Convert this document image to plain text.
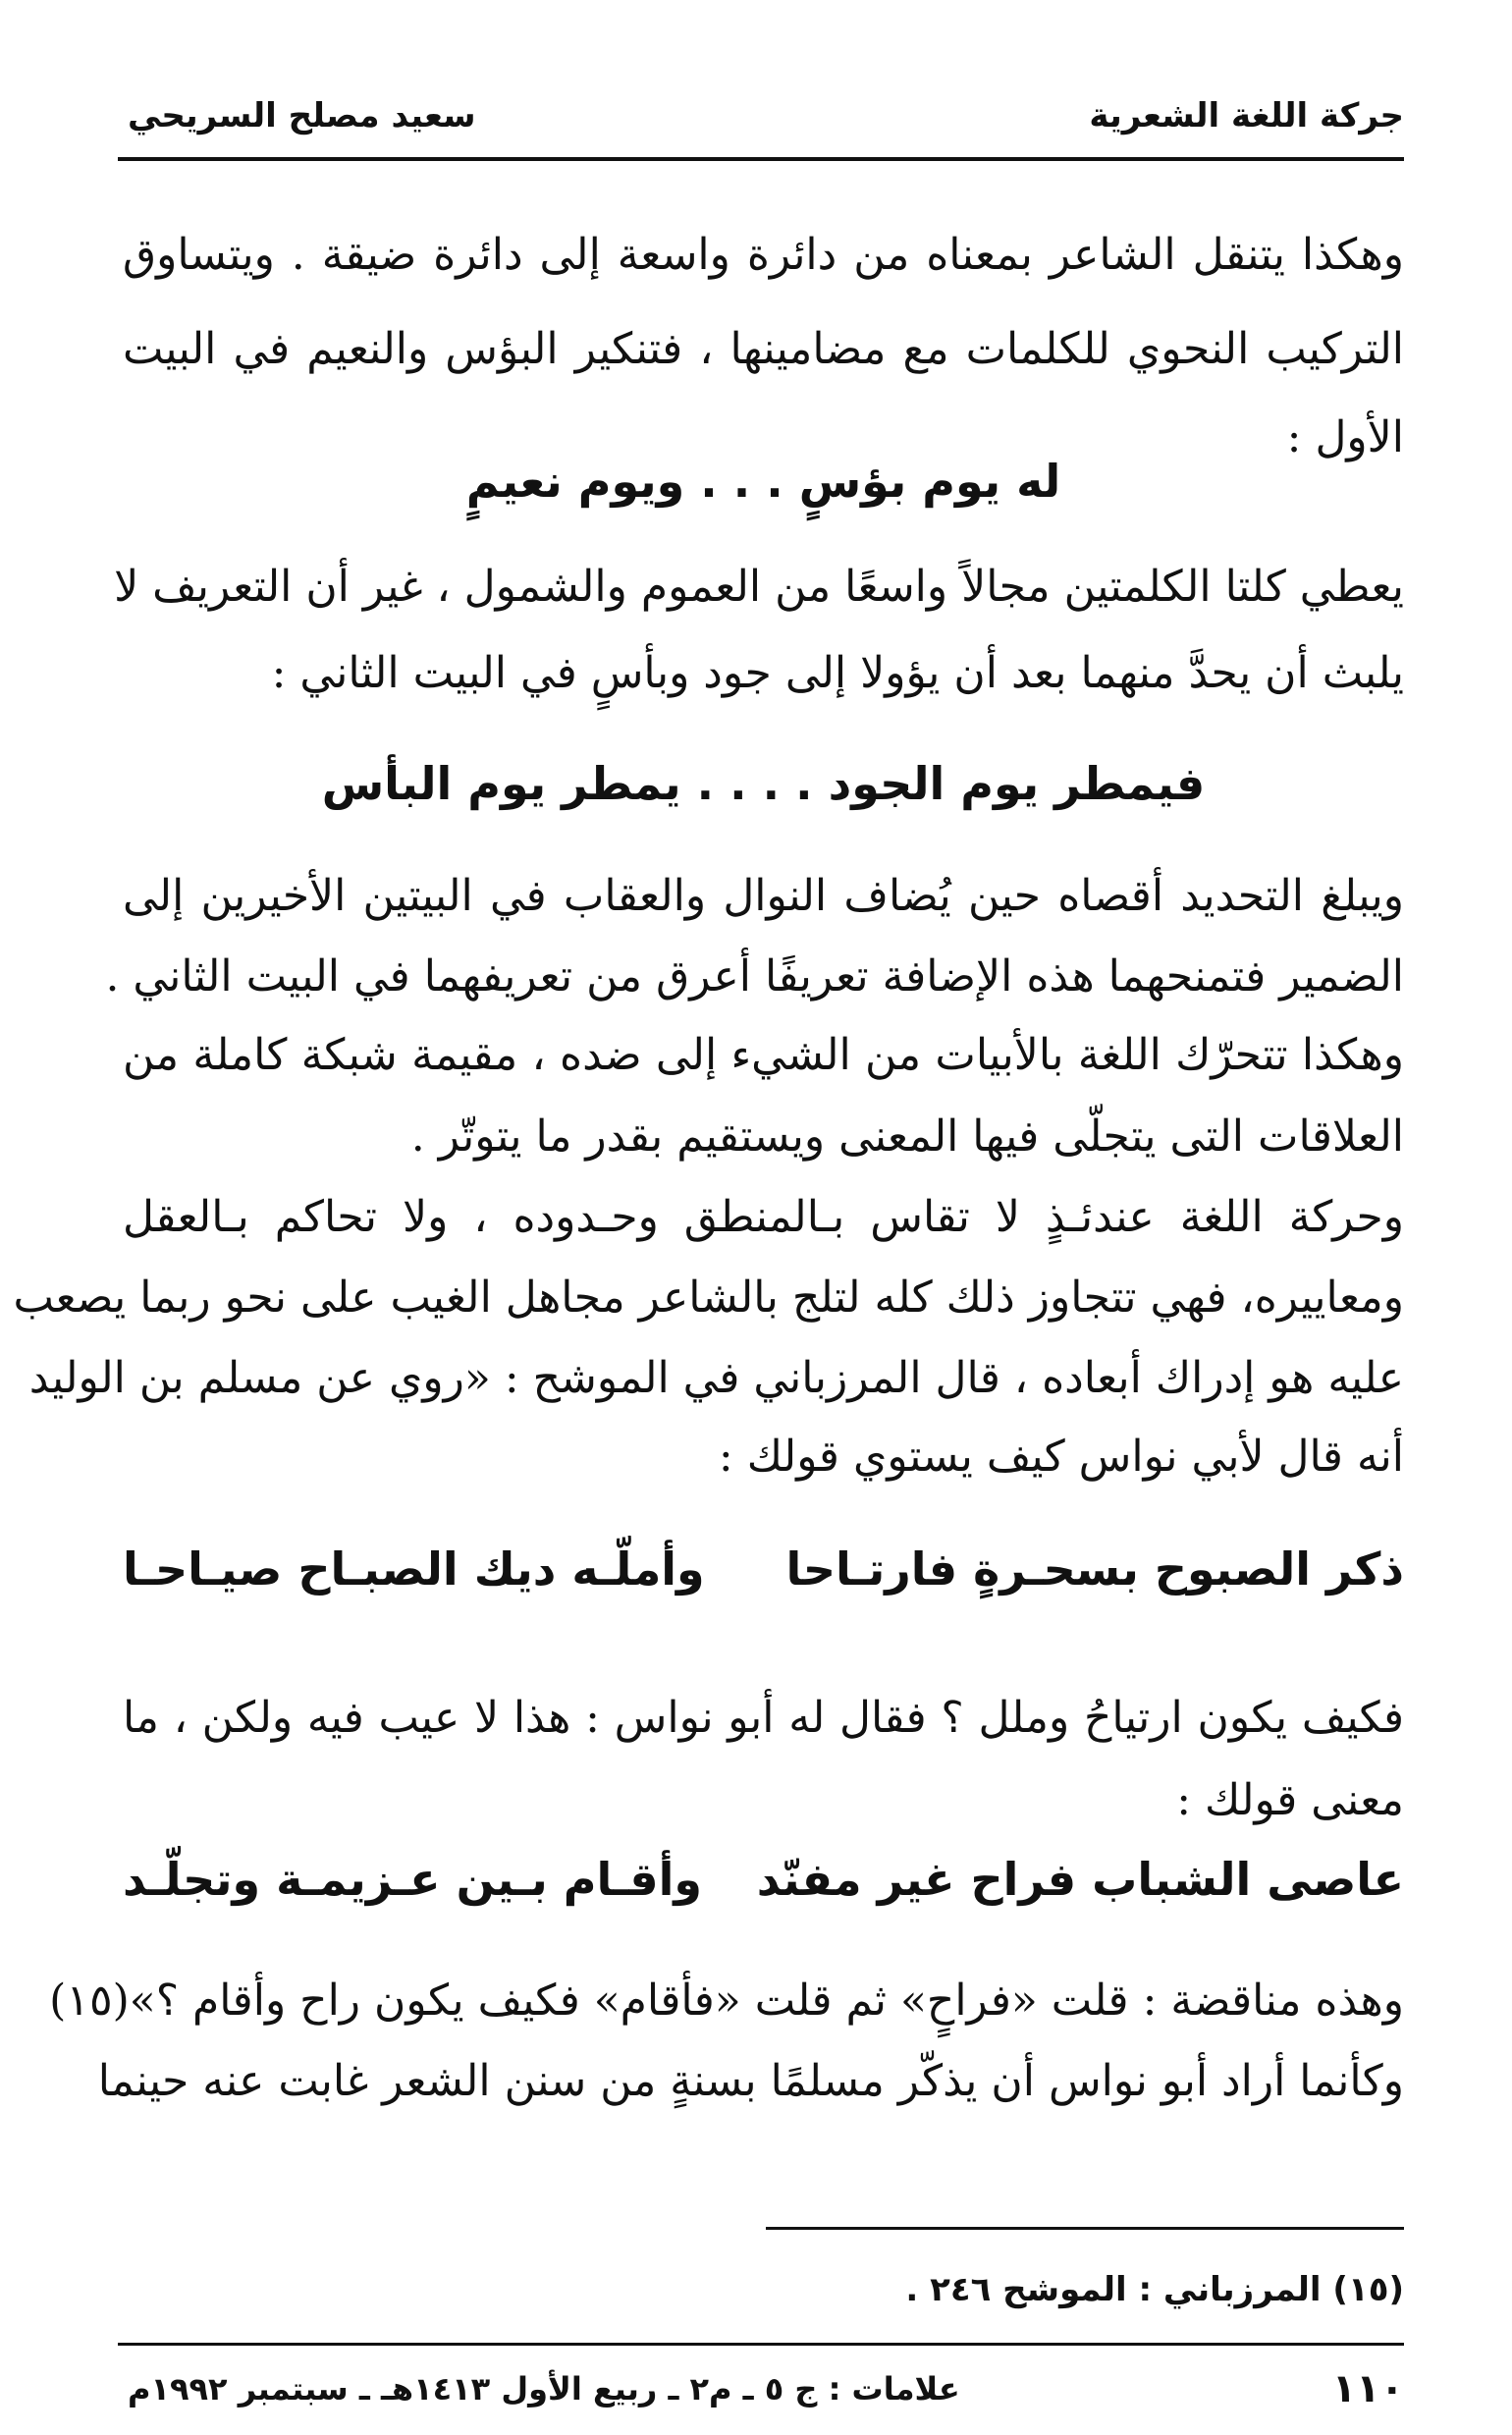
جركة اللغة الشعرية
سعيد مصلح السريحي
وهكذا يتنقل الشاعر بمعناه من دائرة واسعة إلى دائرة ضيقة . ويتساوق
التركيب النحوي للكلمات مع مضامينها ، فتنكير البؤس والنعيم في البيت
الأول :
له يوم بؤسٍ . . . ويوم نعيمٍ
يعطي كلتا الكلمتين مجالاً واسعًا من العموم والشمول ، غير أن التعريف لا
يلبث أن يحدَّ منهما بعد أن يؤولا إلى جود وبأسٍ في البيت الثاني :
فيمطر يوم الجود . . . . يمطر يوم البأس
ويبلغ التحديد أقصاه حين يُضاف النوال والعقاب في البيتين الأخيرين إلى
الضمير فتمنحهما هذه الإضافة تعريفًا أعرق من تعريفهما في البيت الثاني .
وهكذا تتحرّك اللغة بالأبيات من الشيء إلى ضده ، مقيمة شبكة كاملة من
العلاقات التى يتجلّى فيها المعنى ويستقيم بقدر ما يتوتّر .
وحركة اللغة عندئـذٍ لا تقاس بـالمنطق وحـدوده ، ولا تحاكم بـالعقل
ومعاييره، فهي تتجاوز ذلك كله لتلج بالشاعر مجاهل الغيب على نحو ربما يصعب
عليه هو إدراك أبعاده ، قال المرزباني في الموشح : «روي عن مسلم بن الوليد
أنه قال لأبي نواس كيف يستوي قولك :
ذكر الصبوح بسحـرةٍ فارتـاحا
وأملّـه ديك الصبـاح صيـاحـا
فكيف يكون ارتياحُ وملل ؟ فقال له أبو نواس : هذا لا عيب فيه ولكن ، ما
معنى قولك :
عاصى الشباب فراح غير مفنّد
وأقـام بـين عـزيمـة وتجلّـد
وهذه مناقضة : قلت «فراحٍ» ثم قلت «فأقام» فكيف يكون راح وأقام ؟»(١٥)
وكأنما أراد أبو نواس أن يذكّر مسلمًا بسنةٍ من سنن الشعر غابت عنه حينما
(١٥) المرزباني : الموشح ٢٤٦ .
١١٠
علامات : ج ٥ ـ م٢ ـ ربيع الأول ١٤١٣هـ ـ سبتمبر ١٩٩٢م
